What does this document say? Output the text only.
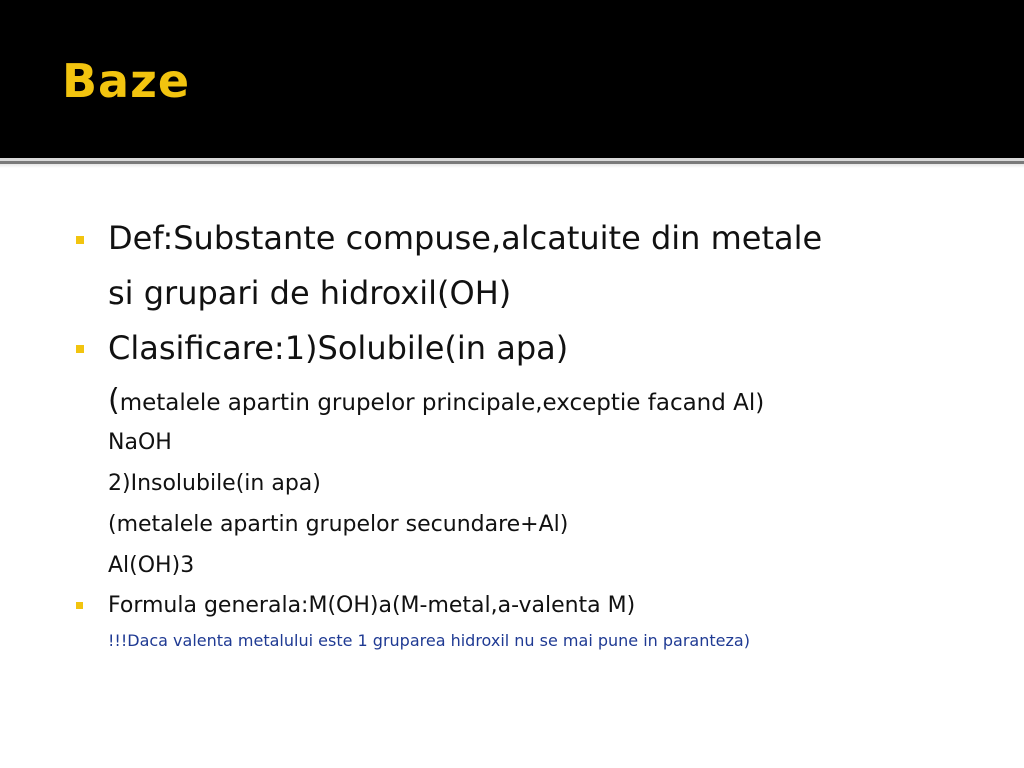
Baze
Def:Substante compuse,alcatuite din metale
si grupari de hidroxil(OH)
Clasificare:1)Solubile(in apa)
(metalele apartin grupelor principale,exceptie facand Al)
NaOH
2)Insolubile(in apa)
(metalele apartin grupelor secundare+Al)
Al(OH)3
Formula generala:M(OH)a(M-metal,a-valenta M)
!!!Daca valenta metalului este 1 gruparea hidroxil nu se mai pune in paranteza)
